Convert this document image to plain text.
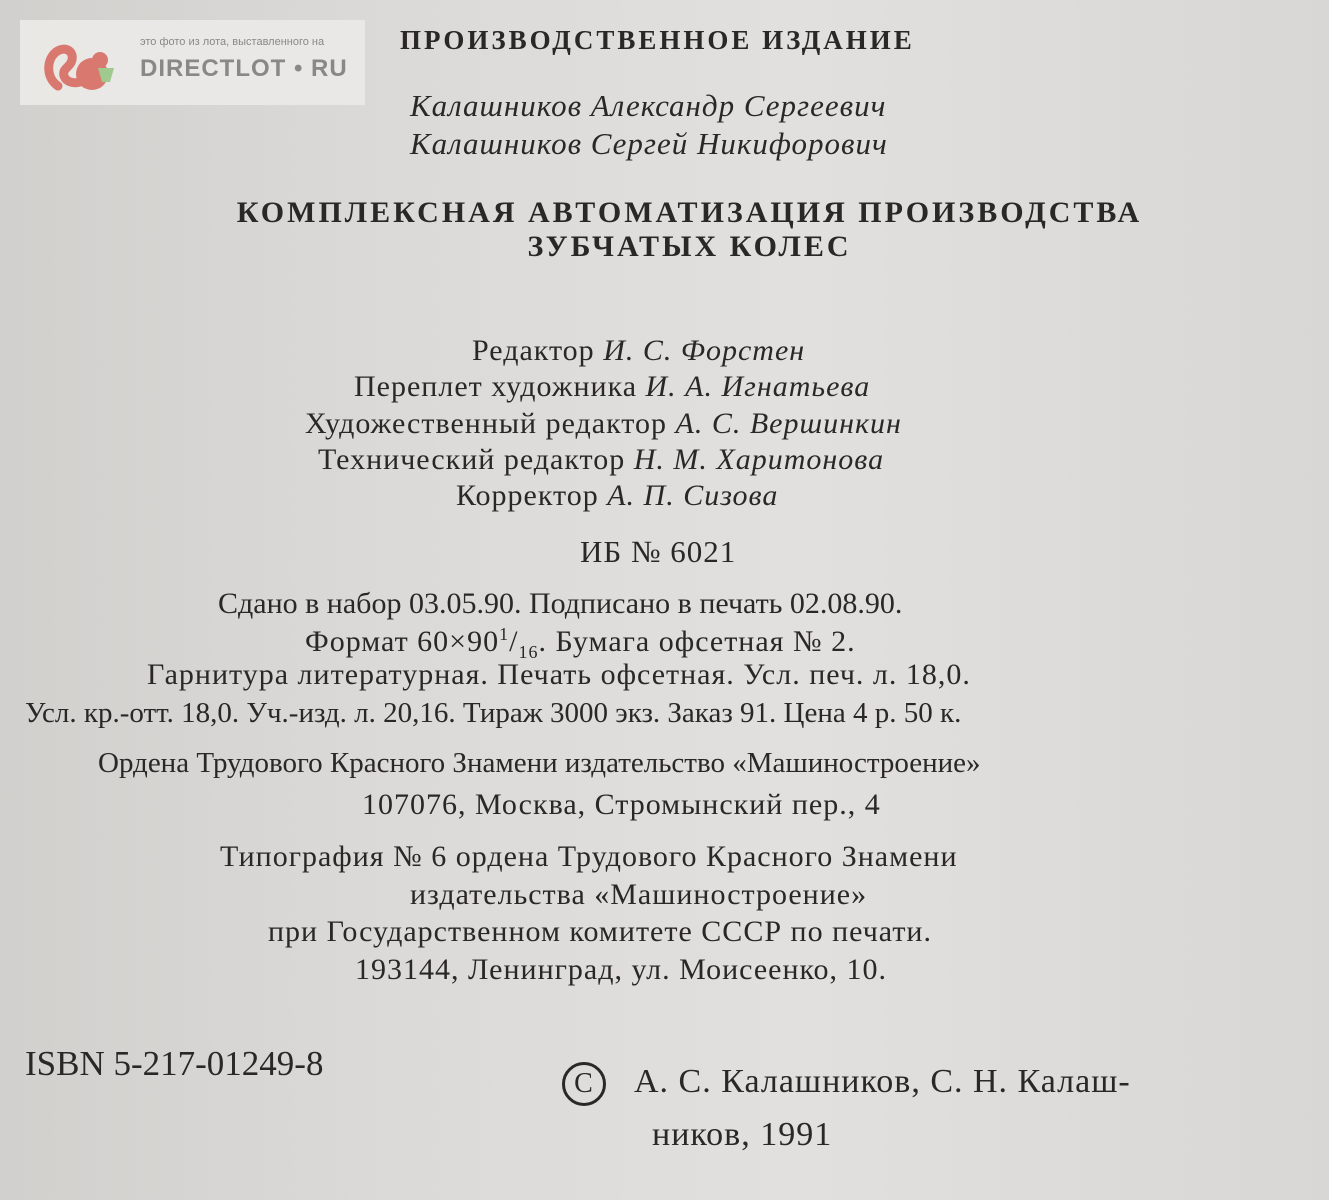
это фото из лота, выставленного на
DIRECTLOT • RU
ПРОИЗВОДСТВЕННОЕ ИЗДАНИЕ
Калашников Александр Сергеевич
Калашников Сергей Никифорович
КОМПЛЕКСНАЯ АВТОМАТИЗАЦИЯ ПРОИЗВОДСТВА
ЗУБЧАТЫХ КОЛЕС
Редактор И. С. Форстен
Переплет художника И. А. Игнатьева
Художественный редактор А. С. Вершинкин
Технический редактор Н. М. Харитонова
Корректор А. П. Сизова
ИБ № 6021
Сдано в набор 03.05.90. Подписано в печать 02.08.90.
Формат $60\times 90^1/_{16}$. Бумага офсетная № 2.
Гарнитура литературная. Печать офсетная. Усл. печ. л. 18,0.
Усл. кр.-отт. 18,0. Уч.-изд. л. 20,16. Тираж 3000 экз. Заказ 91. Цена 4 р. 50 к.
Ордена Трудового Красного Знамени издательство «Машиностроение»
107076, Москва, Стромынский пер., 4
Типография № 6 ордена Трудового Красного Знамени
издательства «Машиностроение»
при Государственном комитете СССР по печати.
193144, Ленинград, ул. Моисеенко, 10.
ISBN 5-217-01249-8
C А. С. Калашников, С. Н. Калаш-
ников, 1991
